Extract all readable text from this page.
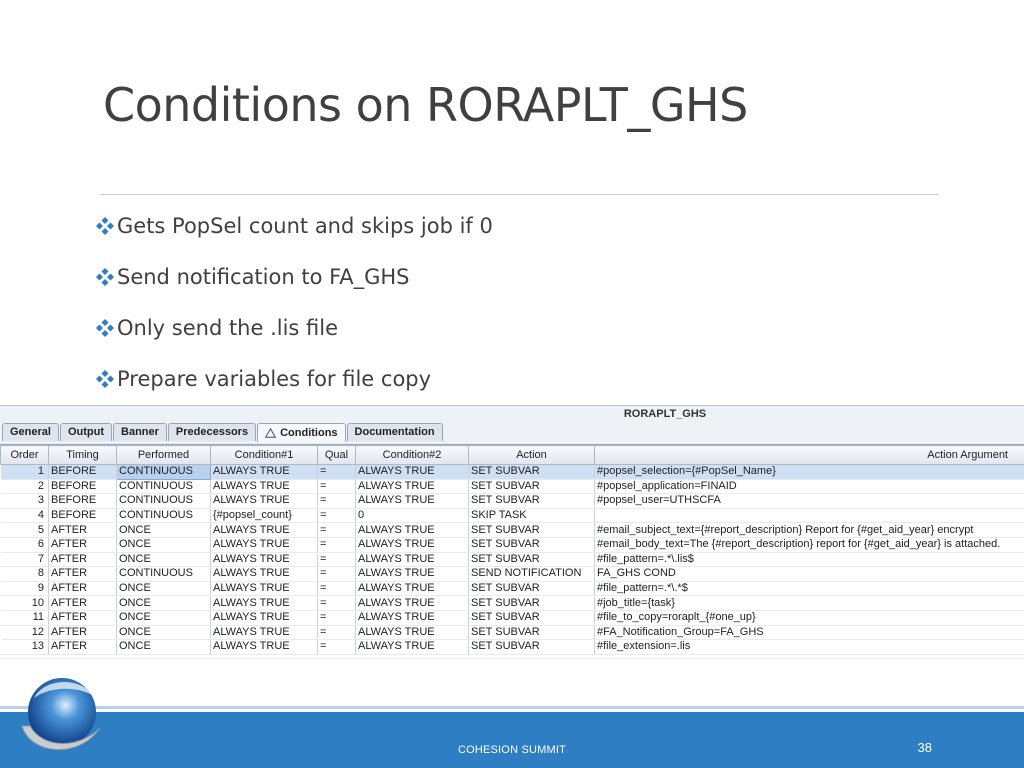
Conditions on RORAPLT_GHS
Gets PopSel count and skips job if 0
Send notification to FA_GHS
Only send the .lis file
Prepare variables for file copy
RORAPLT_GHS
General Output Banner Predecessors	Conditions Documentation
Order	Timing	Performed	Condition#1	Qual	Condition#2	Action	Action Argument
1	BEFORE	CONTINUOUS	ALWAYS TRUE	=	ALWAYS TRUE	SET SUBVAR	#popsel_selection={#PopSel_Name}
2	BEFORE	CONTINUOUS	ALWAYS TRUE	=	ALWAYS TRUE	SET SUBVAR	#popsel_application=FINAID
3	BEFORE	CONTINUOUS	ALWAYS TRUE	=	ALWAYS TRUE	SET SUBVAR	#popsel_user=UTHSCFA
4	BEFORE	CONTINUOUS	{#popsel_count}	=	0	SKIP TASK	
5	AFTER	ONCE	ALWAYS TRUE	=	ALWAYS TRUE	SET SUBVAR	#email_subject_text={#report_description} Report for {#get_aid_year} encrypt
6	AFTER	ONCE	ALWAYS TRUE	=	ALWAYS TRUE	SET SUBVAR	#email_body_text=The {#report_description} report for {#get_aid_year} is attached.
7	AFTER	ONCE	ALWAYS TRUE	=	ALWAYS TRUE	SET SUBVAR	#file_pattern=.*\.lis$
8	AFTER	CONTINUOUS	ALWAYS TRUE	=	ALWAYS TRUE	SEND NOTIFICATION	FA_GHS COND
9	AFTER	ONCE	ALWAYS TRUE	=	ALWAYS TRUE	SET SUBVAR	#file_pattern=.*\.*$
10	AFTER	ONCE	ALWAYS TRUE	=	ALWAYS TRUE	SET SUBVAR	#job_title={task}
11	AFTER	ONCE	ALWAYS TRUE	=	ALWAYS TRUE	SET SUBVAR	#file_to_copy=roraplt_{#one_up}
12	AFTER	ONCE	ALWAYS TRUE	=	ALWAYS TRUE	SET SUBVAR	#FA_Notification_Group=FA_GHS
13	AFTER	ONCE	ALWAYS TRUE	=	ALWAYS TRUE	SET SUBVAR	#file_extension=.lis
COHESION SUMMIT	38
